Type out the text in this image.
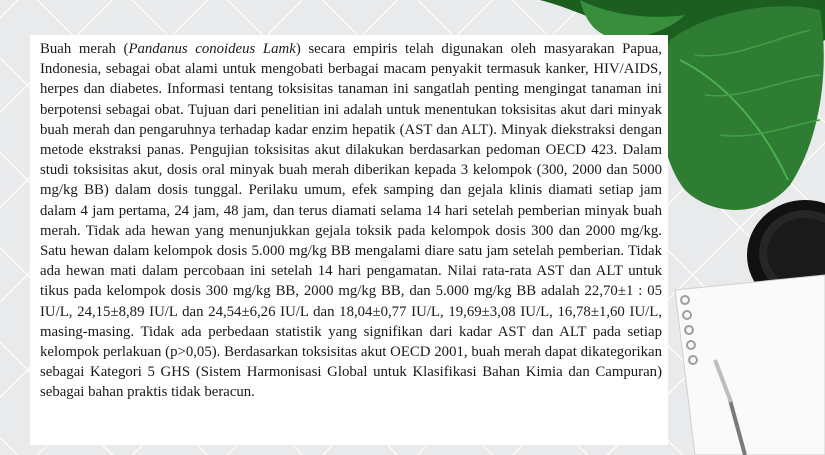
Buah merah (Pandanus conoideus Lamk) secara empiris telah digunakan oleh masyarakan Papua, Indonesia, sebagai obat alami untuk mengobati berbagai macam penyakit termasuk kanker, HIV/AIDS, herpes dan diabetes. Informasi tentang toksisitas tanaman ini sangatlah penting mengingat tanaman ini berpotensi sebagai obat. Tujuan dari penelitian ini adalah untuk menentukan toksisitas akut dari minyak buah merah dan pengaruhnya terhadap kadar enzim hepatik (AST dan ALT). Minyak diekstraksi dengan metode ekstraksi panas. Pengujian toksisitas akut dilakukan berdasarkan pedoman OECD 423. Dalam studi toksisitas akut, dosis oral minyak buah merah diberikan kepada 3 kelompok (300, 2000 dan 5000 mg/kg BB) dalam dosis tunggal. Perilaku umum, efek samping dan gejala klinis diamati setiap jam dalam 4 jam pertama, 24 jam, 48 jam, dan terus diamati selama 14 hari setelah pemberian minyak buah merah. Tidak ada hewan yang menunjukkan gejala toksik pada kelompok dosis 300 dan 2000 mg/kg. Satu hewan dalam kelompok dosis 5.000 mg/kg BB mengalami diare satu jam setelah pemberian. Tidak ada hewan mati dalam percobaan ini setelah 14 hari pengamatan. Nilai rata-rata AST dan ALT untuk tikus pada kelompok dosis 300 mg/kg BB, 2000 mg/kg BB, dan 5.000 mg/kg BB adalah 22,70±1 : 05 IU/L, 24,15±8,89 IU/L dan 24,54±6,26 IU/L dan 18,04±0,77 IU/L, 19,69±3,08 IU/L, 16,78±1,60 IU/L, masing-masing. Tidak ada perbedaan statistik yang signifikan dari kadar AST dan ALT pada setiap kelompok perlakuan (p>0,05). Berdasarkan toksisitas akut OECD 2001, buah merah dapat dikategorikan sebagai Kategori 5 GHS (Sistem Harmonisasi Global untuk Klasifikasi Bahan Kimia dan Campuran) sebagai bahan praktis tidak beracun.
